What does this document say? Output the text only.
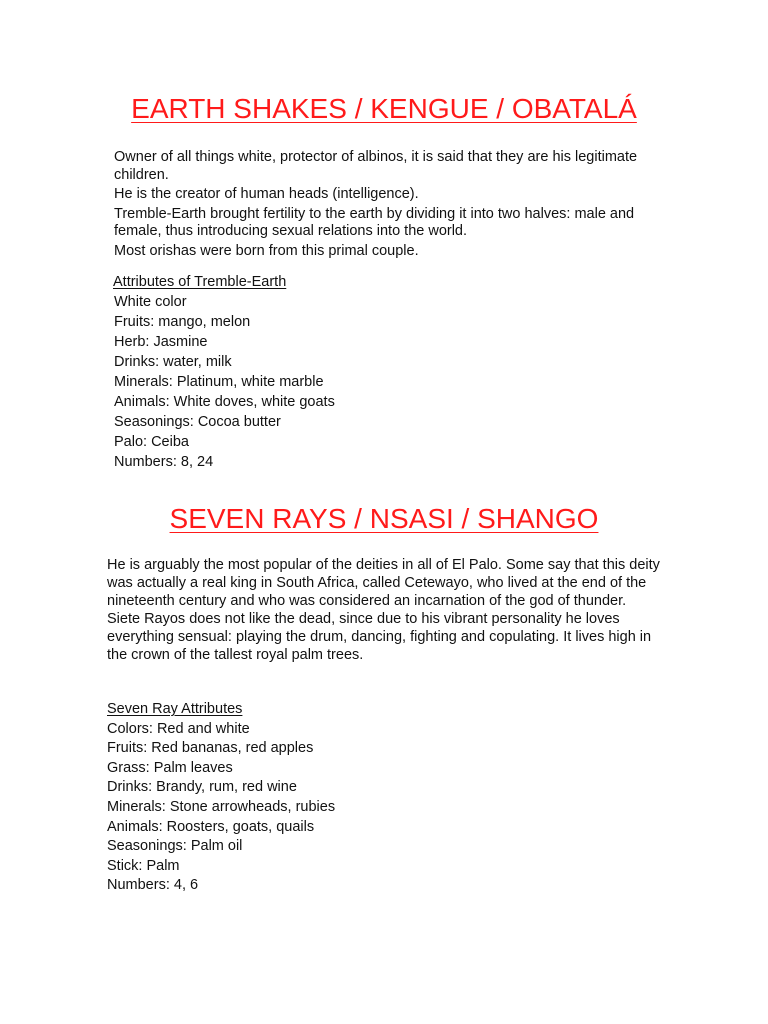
EARTH SHAKES / KENGUE / OBATALÁ

Owner of all things white, protector of albinos, it is said that they are his legitimate children.

He is the creator of human heads (intelligence).

Tremble-Earth brought fertility to the earth by dividing it into two halves: male and female, thus introducing sexual relations into the world.

Most orishas were born from this primal couple.

Attributes of Tremble-Earth
White color
Fruits: mango, melon
Herb: Jasmine
Drinks: water, milk
Minerals: Platinum, white marble
Animals: White doves, white goats
Seasonings: Cocoa butter
Palo: Ceiba
Numbers: 8, 24
SEVEN RAYS / NSASI / SHANGO

He is arguably the most popular of the deities in all of El Palo. Some say that this deity was actually a real king in South Africa, called Cetewayo, who lived at the end of the nineteenth century and who was considered an incarnation of the god of thunder.

Siete Rayos does not like the dead, since due to his vibrant personality he loves everything sensual: playing the drum, dancing, fighting and copulating. It lives high in the crown of the tallest royal palm trees.

Seven Ray Attributes
Colors: Red and white
Fruits: Red bananas, red apples
Grass: Palm leaves
Drinks: Brandy, rum, red wine
Minerals: Stone arrowheads, rubies
Animals: Roosters, goats, quails
Seasonings: Palm oil
Stick: Palm
Numbers: 4, 6
